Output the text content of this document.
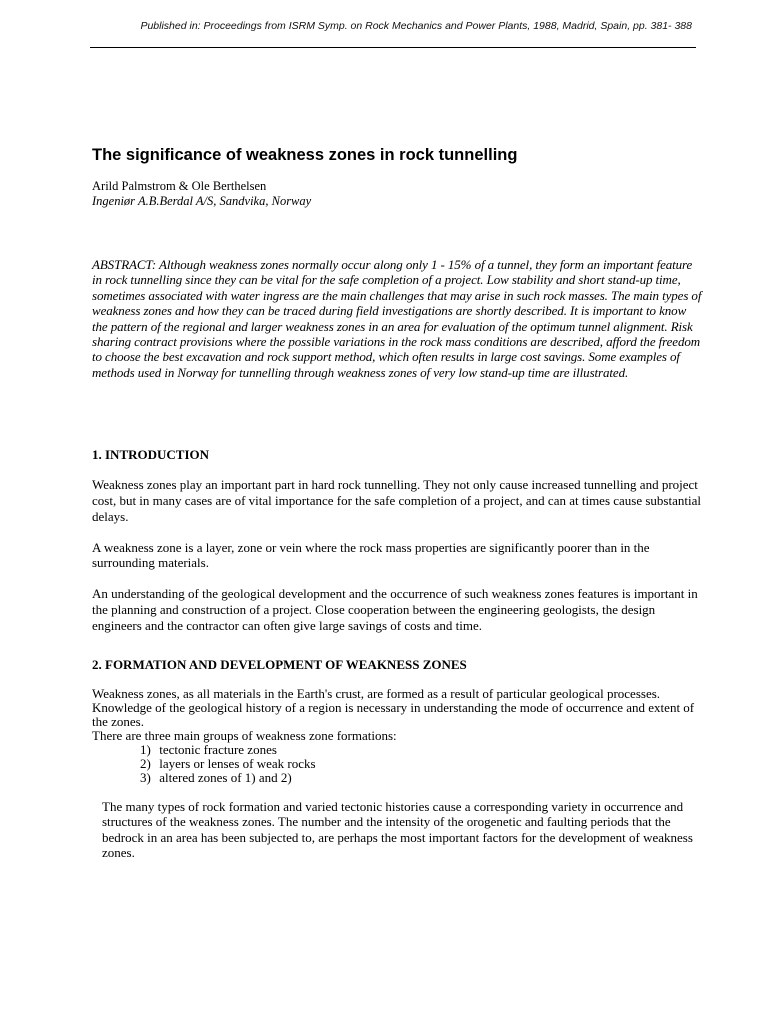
Published in: Proceedings from ISRM Symp. on Rock Mechanics and Power Plants, 1988, Madrid, Spain, pp. 381- 388
The significance of weakness zones in rock tunnelling
Arild Palmstrom & Ole Berthelsen
Ingeniør A.B.Berdal A/S, Sandvika, Norway

ABSTRACT: Although weakness zones normally occur along only 1 - 15% of a tunnel, they form an important feature in rock tunnelling since they can be vital for the safe completion of a project. Low stability and short stand-up time, sometimes associated with water ingress are the main challenges that may arise in such rock masses. The main types of weakness zones and how they can be traced during field investigations are shortly described. It is important to know the pattern of the regional and larger weakness zones in an area for evaluation of the optimum tunnel alignment. Risk sharing contract provisions where the possible variations in the rock mass conditions are described, afford the freedom to choose the best excavation and rock support method, which often results in large cost savings. Some examples of methods used in Norway for tunnelling through weakness zones of very low stand-up time are illustrated.

1. INTRODUCTION

Weakness zones play an important part in hard rock tunnelling. They not only cause increased tunnelling and project cost, but in many cases are of vital importance for the safe completion of a project, and can at times cause substantial delays.

A weakness zone is a layer, zone or vein where the rock mass properties are significantly poorer than in the surrounding materials.

An understanding of the geological development and the occurrence of such weakness zones features is important in the planning and construction of a project. Close cooperation between the engineering geologists, the design engineers and the contractor can often give large savings of costs and time.

2. FORMATION AND DEVELOPMENT OF WEAKNESS ZONES

Weakness zones, as all materials in the Earth's crust, are formed as a result of particular geological processes. Knowledge of the geological history of a region is necessary in understanding the mode of occurrence and extent of the zones.

There are three main groups of weakness zone formations:

1) tectonic fracture zones
2) layers or lenses of weak rocks
3) altered zones of 1) and 2)

The many types of rock formation and varied tectonic histories cause a corresponding variety in occurrence and structures of the weakness zones. The number and the intensity of the orogenetic and faulting periods that the bedrock in an area has been subjected to, are perhaps the most important factors for the development of weakness zones.
